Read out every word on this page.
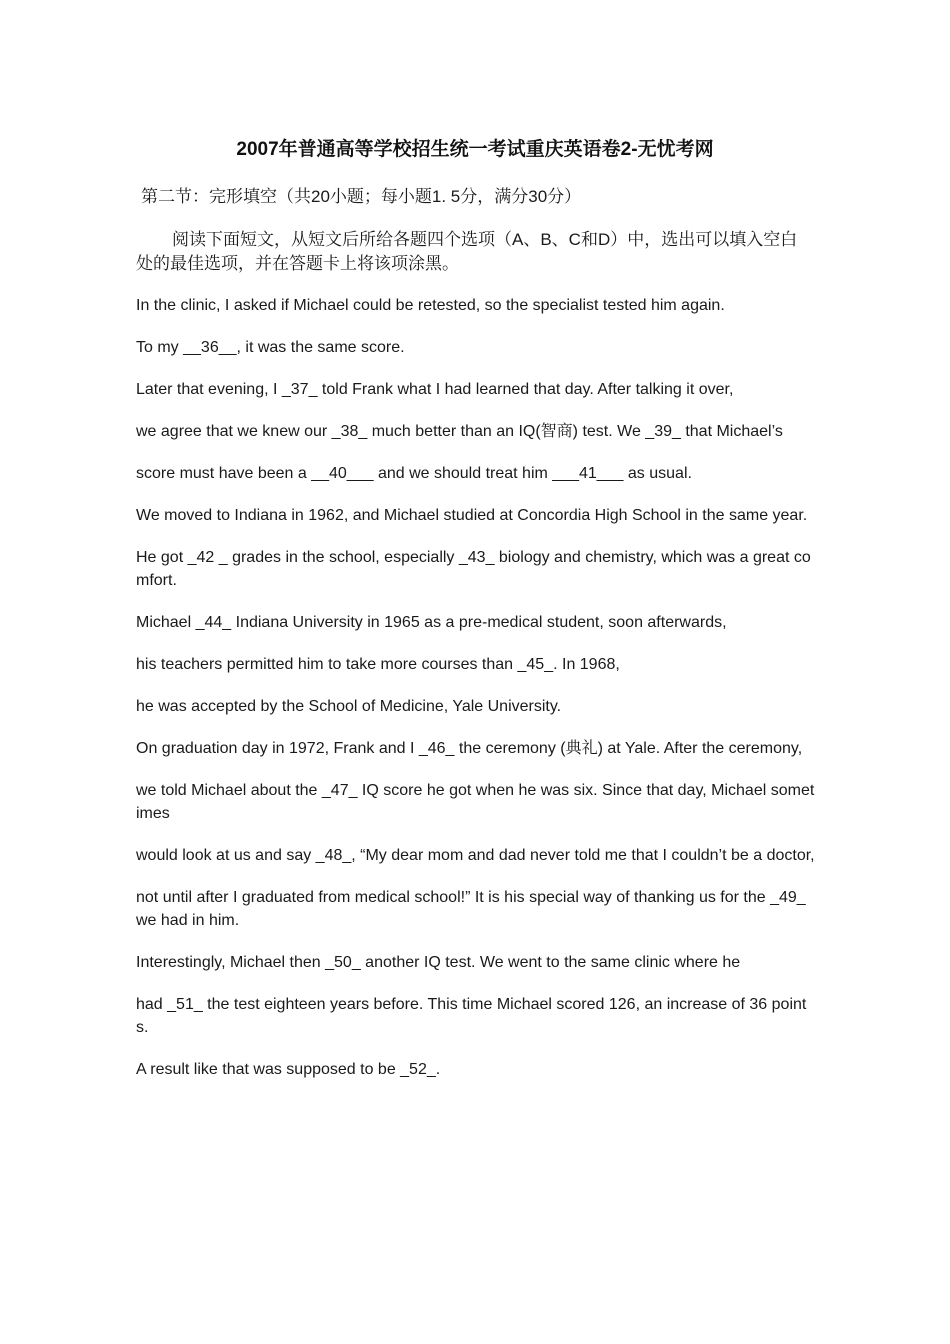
2007年普通高等学校招生统一考试重庆英语卷2-无忧考网
第二节：完形填空（共20小题；每小题1. 5分，满分30分）
阅读下面短文，从短文后所给各题四个选项（A、B、C和D）中，选出可以填入空白处的最佳选项，并在答题卡上将该项涂黑。
In the clinic, I asked if Michael could be retested, so the specialist tested him again.
To my __36__, it was the same score.
Later that evening, I _37_ told Frank what I had learned that day. After talking it over,
we agree that we knew our _38_ much better than an IQ(智商) test. We _39_ that Michael’s
score must have been a __40___ and we should treat him ___41___ as usual.
We moved to Indiana in 1962, and Michael studied at Concordia High School in the same year.
He got _42 _ grades in the school, especially _43_ biology and chemistry, which was a great comfort.
Michael _44_ Indiana University in 1965 as a pre-medical student, soon afterwards,
his teachers permitted him to take more courses than _45_. In 1968,
he was accepted by the School of Medicine, Yale University.
On graduation day in 1972, Frank and I _46_ the ceremony (典礼) at Yale. After the ceremony,
we told Michael about the _47_ IQ score he got when he was six. Since that day, Michael sometimes
would look at us and say _48_, “My dear mom and dad never told me that I couldn’t be a doctor,
not until after I graduated from medical school!” It is his special way of thanking us for the _49_ we had in him.
Interestingly, Michael then _50_ another IQ test. We went to the same clinic where he
had _51_ the test eighteen years before. This time Michael scored 126, an increase of 36 points.
A result like that was supposed to be _52_.
